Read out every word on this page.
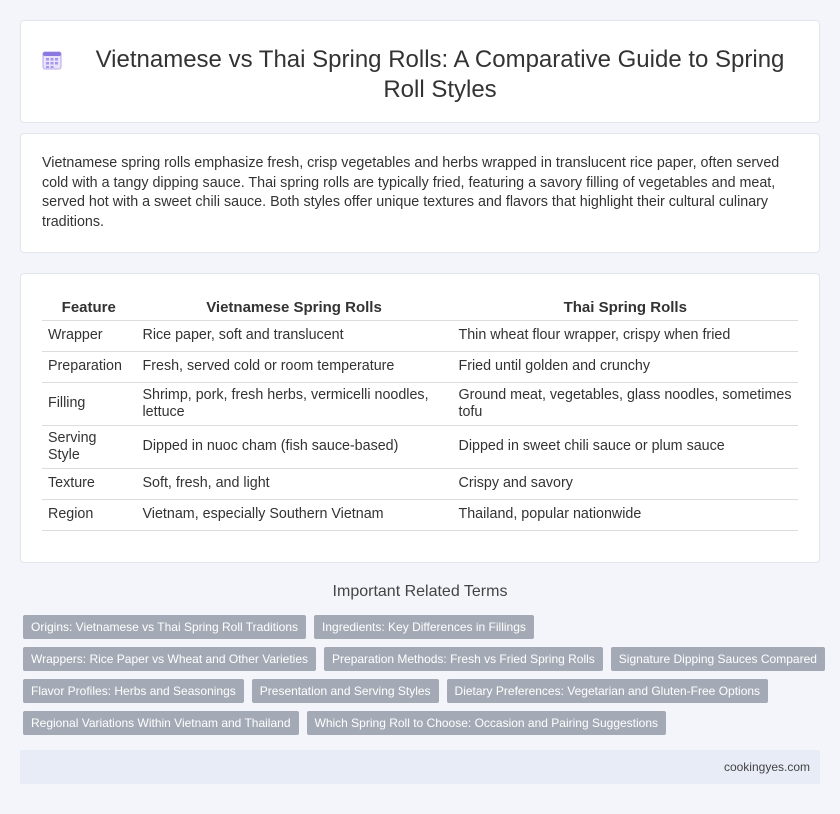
Vietnamese vs Thai Spring Rolls: A Comparative Guide to Spring Roll Styles

Vietnamese spring rolls emphasize fresh, crisp vegetables and herbs wrapped in translucent rice paper, often served cold with a tangy dipping sauce. Thai spring rolls are typically fried, featuring a savory filling of vegetables and meat, served hot with a sweet chili sauce. Both styles offer unique textures and flavors that highlight their cultural culinary traditions.

Feature	Vietnamese Spring Rolls	Thai Spring Rolls
Wrapper	Rice paper, soft and translucent	Thin wheat flour wrapper, crispy when fried
Preparation	Fresh, served cold or room temperature	Fried until golden and crunchy
Filling	Shrimp, pork, fresh herbs, vermicelli noodles, lettuce	Ground meat, vegetables, glass noodles, sometimes tofu
Serving Style	Dipped in nuoc cham (fish sauce-based)	Dipped in sweet chili sauce or plum sauce
Texture	Soft, fresh, and light	Crispy and savory
Region	Vietnam, especially Southern Vietnam	Thailand, popular nationwide
Important Related Terms
Origins: Vietnamese vs Thai Spring Roll Traditions	Ingredients: Key Differences in Fillings
Wrappers: Rice Paper vs Wheat and Other Varieties	Preparation Methods: Fresh vs Fried Spring Rolls	Signature Dipping Sauces Compared
Flavor Profiles: Herbs and Seasonings	Presentation and Serving Styles	Dietary Preferences: Vegetarian and Gluten-Free Options
Regional Variations Within Vietnam and Thailand	Which Spring Roll to Choose: Occasion and Pairing Suggestions
cookingyes.com
